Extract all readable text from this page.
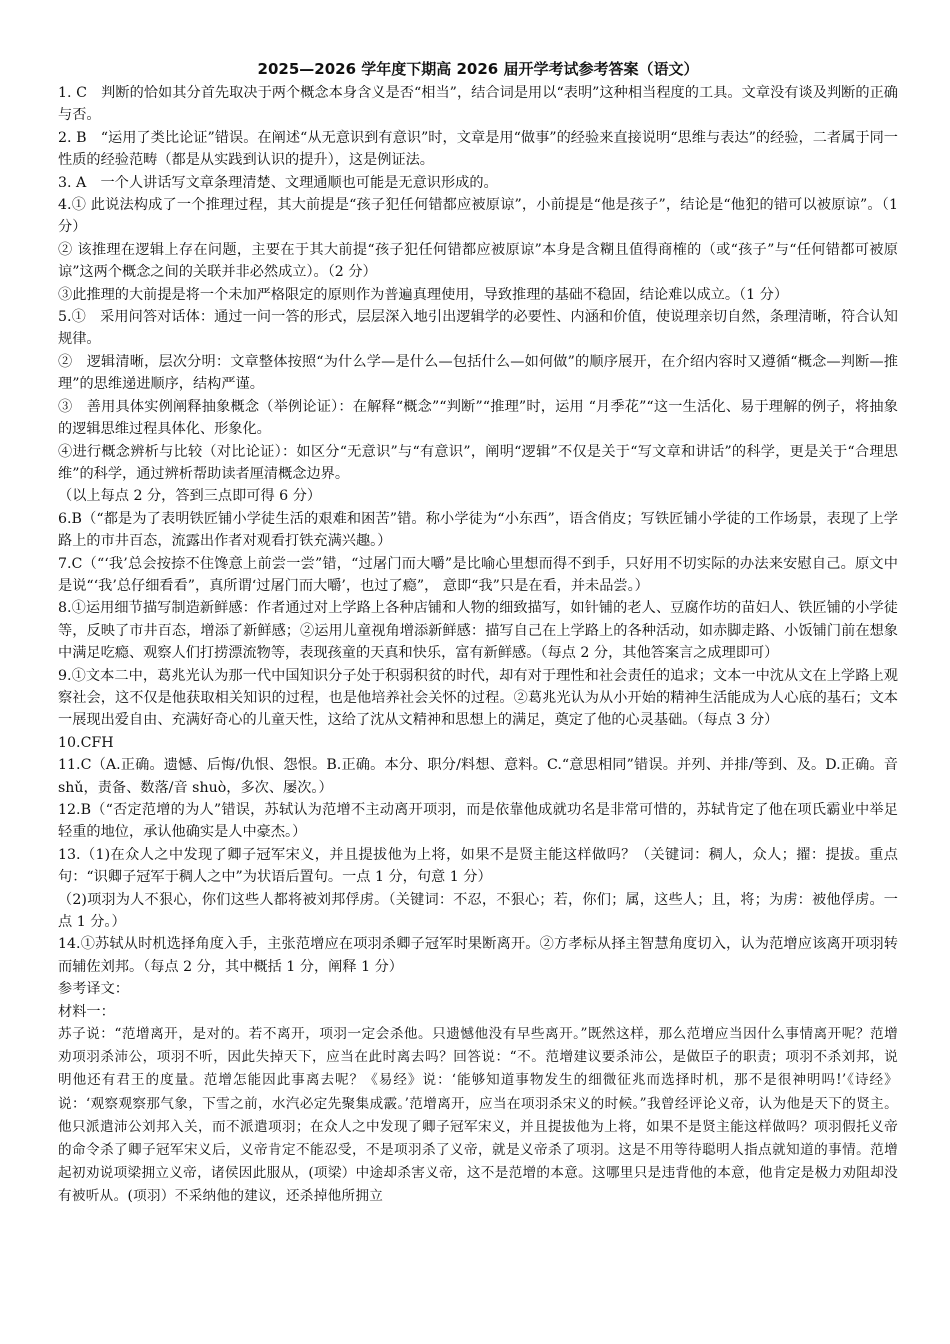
2025—2026 学年度下期高 2026 届开学考试参考答案（语文）

1. C　判断的恰如其分首先取决于两个概念本身含义是否“相当”，结合词是用以“表明”这种相当程度的工具。文章没有谈及判断的正确与否。

2. B　“运用了类比论证”错误。在阐述“从无意识到有意识”时，文章是用“做事”的经验来直接说明“思维与表达”的经验，二者属于同一性质的经验范畴（都是从实践到认识的提升），这是例证法。

3. A　一个人讲话写文章条理清楚、文理通顺也可能是无意识形成的。

4.① 此说法构成了一个推理过程，其大前提是“孩子犯任何错都应被原谅”，小前提是“他是孩子”，结论是“他犯的错可以被原谅”。（1 分）

② 该推理在逻辑上存在问题，主要在于其大前提“孩子犯任何错都应被原谅”本身是含糊且值得商榷的（或“孩子”与“任何错都可被原谅”这两个概念之间的关联并非必然成立）。（2 分）

③此推理的大前提是将一个未加严格限定的原则作为普遍真理使用，导致推理的基础不稳固，结论难以成立。（1 分）

5.①　采用问答对话体：通过一问一答的形式，层层深入地引出逻辑学的必要性、内涵和价值，使说理亲切自然，条理清晰，符合认知规律。

②　逻辑清晰，层次分明：文章整体按照“为什么学—是什么—包括什么—如何做”的顺序展开，在介绍内容时又遵循“概念—判断—推理”的思维递进顺序，结构严谨。

③　善用具体实例阐释抽象概念（举例论证）：在解释“概念”“判断”“推理”时，运用 “月季花”“这一生活化、易于理解的例子，将抽象的逻辑思维过程具体化、形象化。

④进行概念辨析与比较（对比论证）：如区分“无意识”与“有意识”，阐明“逻辑”不仅是关于“写文章和讲话”的科学，更是关于“合理思维”的科学，通过辨析帮助读者厘清概念边界。

（以上每点 2 分，答到三点即可得 6 分）

6.B（“都是为了表明铁匠铺小学徒生活的艰难和困苦”错。称小学徒为“小东西”，语含俏皮；写铁匠铺小学徒的工作场景，表现了上学路上的市井百态，流露出作者对观看打铁充满兴趣。）

7.C（“‘我’总会按捺不住馋意上前尝一尝”错，“过屠门而大嚼”是比喻心里想而得不到手，只好用不切实际的办法来安慰自己。原文中是说“‘我’总仔细看看”，真所谓‘过屠门而大嚼’，也过了瘾”， 意即“我”只是在看，并未品尝。）

8.①运用细节描写制造新鲜感：作者通过对上学路上各种店铺和人物的细致描写，如针铺的老人、豆腐作坊的苗妇人、铁匠铺的小学徒等，反映了市井百态，增添了新鲜感；②运用儿童视角增添新鲜感：描写自己在上学路上的各种活动，如赤脚走路、小饭铺门前在想象中满足吃瘾、观察人们打捞漂流物等，表现孩童的天真和快乐，富有新鲜感。（每点 2 分，其他答案言之成理即可）

9.①文本二中，葛兆光认为那一代中国知识分子处于积弱积贫的时代，却有对于理性和社会责任的追求；文本一中沈从文在上学路上观察社会，这不仅是他获取相关知识的过程，也是他培养社会关怀的过程。②葛兆光认为从小开始的精神生活能成为人心底的基石；文本一展现出爱自由、充满好奇心的儿童天性，这给了沈从文精神和思想上的满足，奠定了他的心灵基础。（每点 3 分）

10.CFH

11.C（A.正确。遗憾、后悔/仇恨、怨恨。B.正确。本分、职分/料想、意料。C.“意思相同”错误。并列、并排/等到、及。D.正确。音 shǔ，责备、数落/音 shuò，多次、屡次。）

12.B（“否定范增的为人”错误，苏轼认为范增不主动离开项羽，而是依靠他成就功名是非常可惜的，苏轼肯定了他在项氏霸业中举足轻重的地位，承认他确实是人中豪杰。）

13.（1)在众人之中发现了卿子冠军宋义，并且提拔他为上将，如果不是贤主能这样做吗？（关键词：稠人，众人；擢：提拔。重点句：“识卿子冠军于稠人之中”为状语后置句。一点 1 分，句意 1 分）

（2)项羽为人不狠心，你们这些人都将被刘邦俘虏。（关键词：不忍，不狠心；若，你们；属，这些人；且，将；为虏：被他俘虏。一点 1 分。）

14.①苏轼从时机选择角度入手，主张范增应在项羽杀卿子冠军时果断离开。②方孝标从择主智慧角度切入，认为范增应该离开项羽转而辅佐刘邦。（每点 2 分，其中概括 1 分，阐释 1 分）

参考译文：

材料一：

苏子说：“范增离开，是对的。若不离开，项羽一定会杀他。只遗憾他没有早些离开。”既然这样，那么范增应当因什么事情离开呢？范增劝项羽杀沛公，项羽不听，因此失掉天下，应当在此时离去吗？回答说：“不。范增建议要杀沛公，是做臣子的职责；项羽不杀刘邦，说明他还有君王的度量。范增怎能因此事离去呢？《易经》说：‘能够知道事物发生的细微征兆而选择时机，那不是很神明吗!’《诗经》说：‘观察观察那气象，下雪之前，水汽必定先聚集成霰。’范增离开，应当在项羽杀宋义的时候。”我曾经评论义帝，认为他是天下的贤主。他只派遣沛公刘邦入关，而不派遣项羽；在众人之中发现了卿子冠军宋义，并且提拔他为上将，如果不是贤主能这样做吗？项羽假托义帝的命令杀了卿子冠军宋义后，义帝肯定不能忍受，不是项羽杀了义帝，就是义帝杀了项羽。这是不用等待聪明人指点就知道的事情。范增起初劝说项梁拥立义帝，诸侯因此服从，(项梁）中途却杀害义帝，这不是范增的本意。这哪里只是违背他的本意，他肯定是极力劝阻却没有被听从。(项羽）不采纳他的建议，还杀掉他所拥立
